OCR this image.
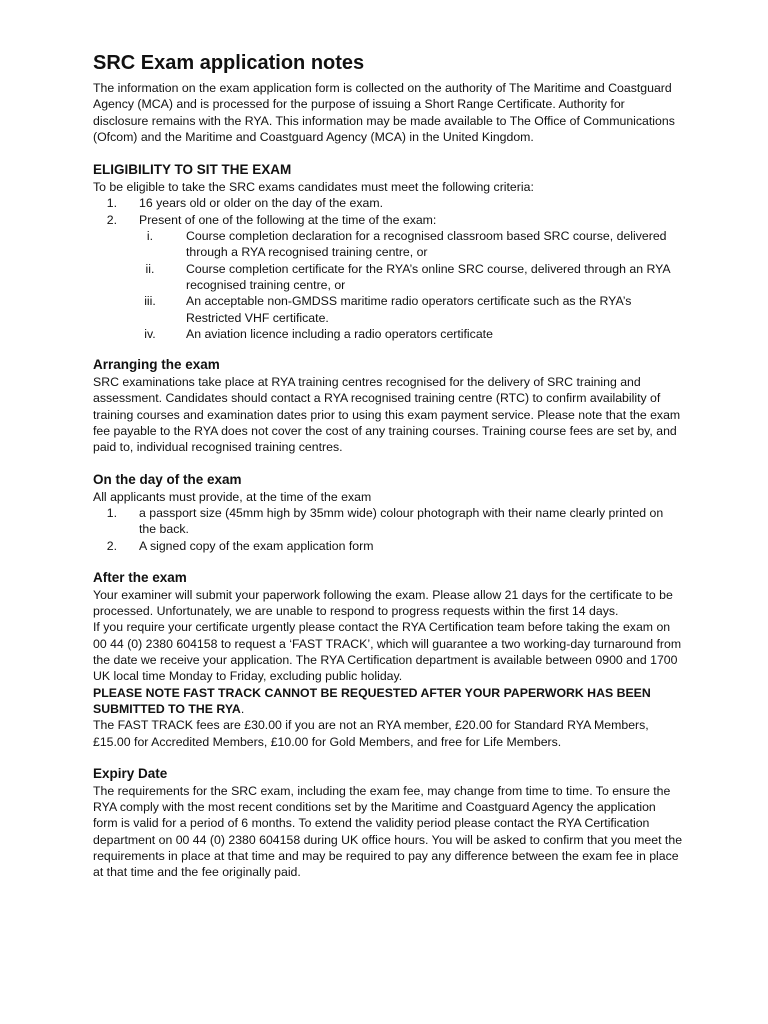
SRC Exam application notes

The information on the exam application form is collected on the authority of The Maritime and Coastguard Agency (MCA) and is processed for the purpose of issuing a Short Range Certificate. Authority for disclosure remains with the RYA. This information may be made available to The Office of Communications (Ofcom) and the Maritime and Coastguard Agency (MCA) in the United Kingdom.

ELIGIBILITY TO SIT THE EXAM

To be eligible to take the SRC exams candidates must meet the following criteria:

1. 16 years old or older on the day of the exam.
2. Present of one of the following at the time of the exam:
i.	Course completion declaration for a recognised classroom based SRC course, delivered through a RYA recognised training centre, or
ii.	Course completion certificate for the RYA’s online SRC course, delivered through an RYA recognised training centre, or
iii.	An acceptable non-GMDSS maritime radio operators certificate such as the RYA’s Restricted VHF certificate.
iv.	An aviation licence including a radio operators certificate
Arranging the exam

SRC examinations take place at RYA training centres recognised for the delivery of SRC training and assessment. Candidates should contact a RYA recognised training centre (RTC) to confirm availability of training courses and examination dates prior to using this exam payment service. Please note that the exam fee payable to the RYA does not cover the cost of any training courses. Training course fees are set by, and paid to, individual recognised training centres.

On the day of the exam

All applicants must provide, at the time of the exam

1. a passport size (45mm high by 35mm wide) colour photograph with their name clearly printed on the back.
2. A signed copy of the exam application form
After the exam

Your examiner will submit your paperwork following the exam. Please allow 21 days for the certificate to be processed. Unfortunately, we are unable to respond to progress requests within the first 14 days.

If you require your certificate urgently please contact the RYA Certification team before taking the exam on 00 44 (0) 2380 604158 to request a ‘FAST TRACK’, which will guarantee a two working-day turnaround from the date we receive your application. The RYA Certification department is available between 0900 and 1700 UK local time Monday to Friday, excluding public holiday.

PLEASE NOTE FAST TRACK CANNOT BE REQUESTED AFTER YOUR PAPERWORK HAS BEEN SUBMITTED TO THE RYA.

The FAST TRACK fees are £30.00 if you are not an RYA member, £20.00 for Standard RYA Members, £15.00 for Accredited Members, £10.00 for Gold Members, and free for Life Members.

Expiry Date

The requirements for the SRC exam, including the exam fee, may change from time to time. To ensure the RYA comply with the most recent conditions set by the Maritime and Coastguard Agency the application form is valid for a period of 6 months. To extend the validity period please contact the RYA Certification department on 00 44 (0) 2380 604158 during UK office hours. You will be asked to confirm that you meet the requirements in place at that time and may be required to pay any difference between the exam fee in place at that time and the fee originally paid.
